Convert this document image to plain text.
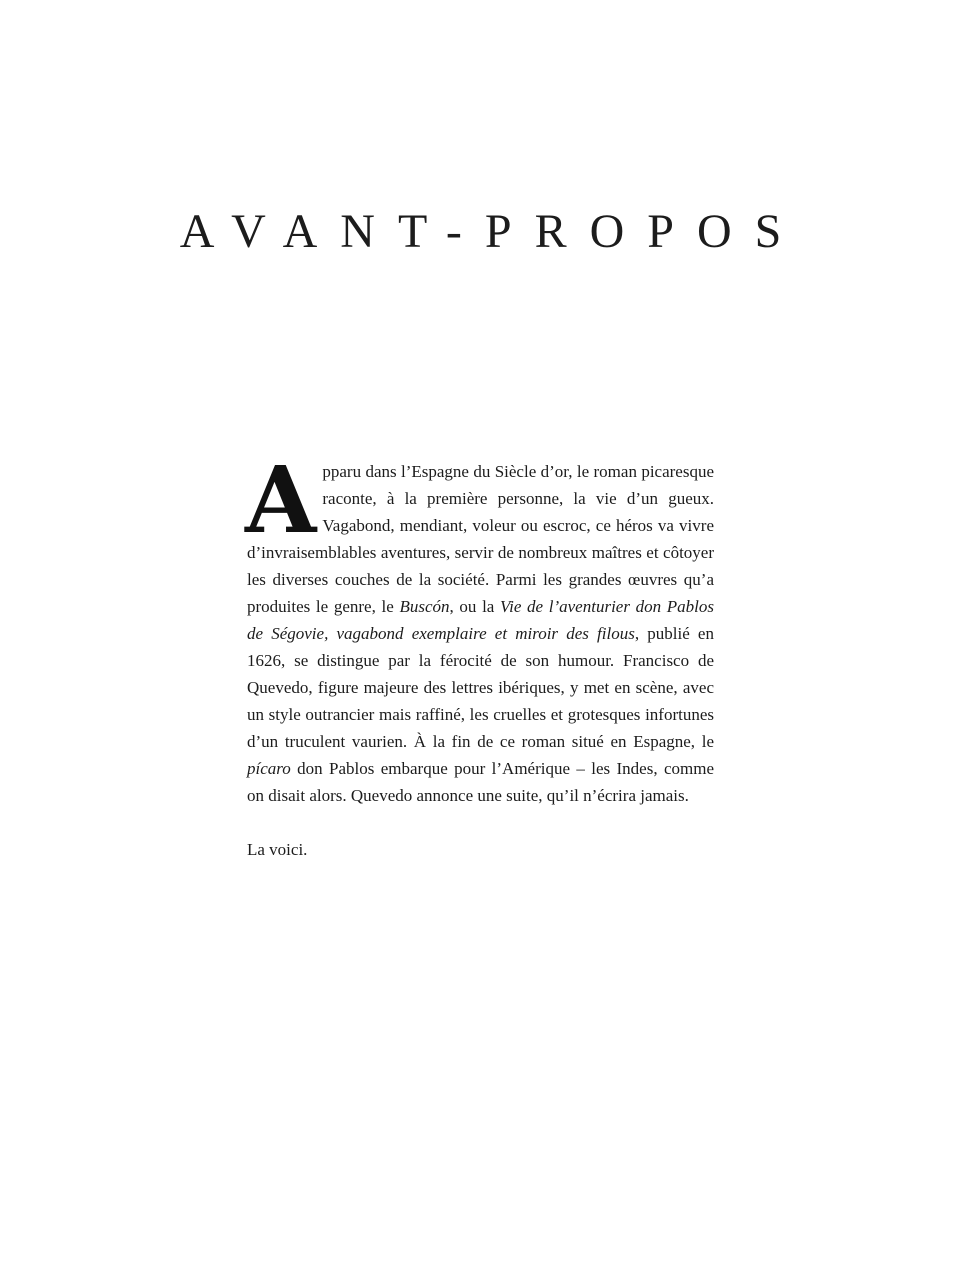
AVANT-PROPOS

Apparu dans l’Espagne du Siècle d’or, le roman picaresque raconte, à la première personne, la vie d’un gueux. Vagabond, mendiant, voleur ou escroc, ce héros va vivre d’invraisemblables aventures, servir de nombreux maîtres et côtoyer les diverses couches de la société. Parmi les grandes œuvres qu’a produites le genre, le Buscón, ou la Vie de l’aventurier don Pablos de Ségovie, vagabond exemplaire et miroir des filous, publié en 1626, se distingue par la férocité de son humour. Francisco de Quevedo, figure majeure des lettres ibériques, y met en scène, avec un style outrancier mais raffiné, les cruelles et grotesques infortunes d’un truculent vaurien. À la fin de ce roman situé en Espagne, le pícaro don Pablos embarque pour l’Amérique – les Indes, comme on disait alors. Quevedo annonce une suite, qu’il n’écrira jamais.

La voici.
